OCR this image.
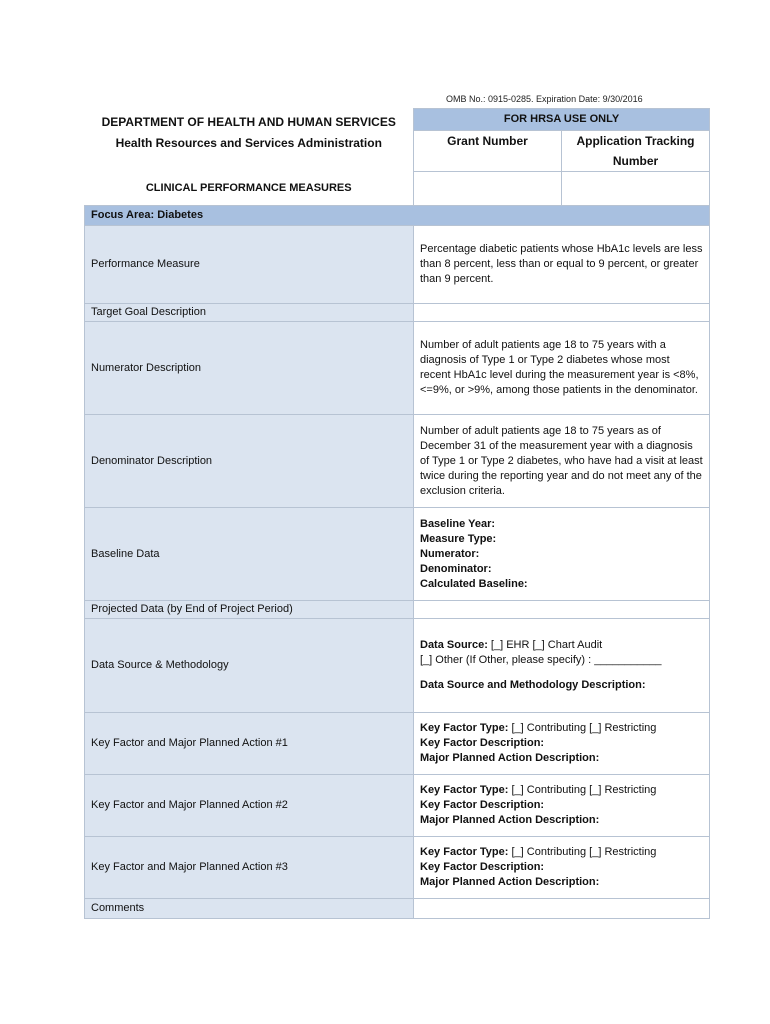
OMB No.: 0915-0285. Expiration Date: 9/30/2016
DEPARTMENT OF HEALTH AND HUMAN SERVICES
Health Resources and Services Administration	FOR HRSA USE ONLY	
	Grant Number	Application Tracking Number
CLINICAL PERFORMANCE MEASURES		
Focus Area: Diabetes		
Performance Measure	Percentage diabetic patients whose HbA1c levels are less than 8 percent, less than or equal to 9 percent, or greater than 9 percent.	
Target Goal Description		
Numerator Description	Number of adult patients age 18 to 75 years with a diagnosis of Type 1 or Type 2 diabetes whose most recent HbA1c level during the measurement year is <8%, <=9%, or >9%, among those patients in the denominator.	
Denominator Description	Number of adult patients age 18 to 75 years as of December 31 of the measurement year with a diagnosis of Type 1 or Type 2 diabetes, who have had a visit at least twice during the reporting year and do not meet any of the exclusion criteria.	
Baseline Data	Baseline Year:
Measure Type:
Numerator:
Denominator:
Calculated Baseline:	

Projected Data (by End of Project Period)		
Data Source & Methodology	Data Source: [_] EHR [_] Chart Audit
[_] Other (If Other, please specify) : ___________
Data Source and Methodology Description:	

Key Factor and Major Planned Action #1	Key Factor Type: [_] Contributing [_] Restricting
Key Factor Description:
Major Planned Action Description:	

Key Factor and Major Planned Action #2	Key Factor Type: [_] Contributing [_] Restricting
Key Factor Description:
Major Planned Action Description:	

Key Factor and Major Planned Action #3	Key Factor Type: [_] Contributing [_] Restricting
Key Factor Description:
Major Planned Action Description:	

Comments		
